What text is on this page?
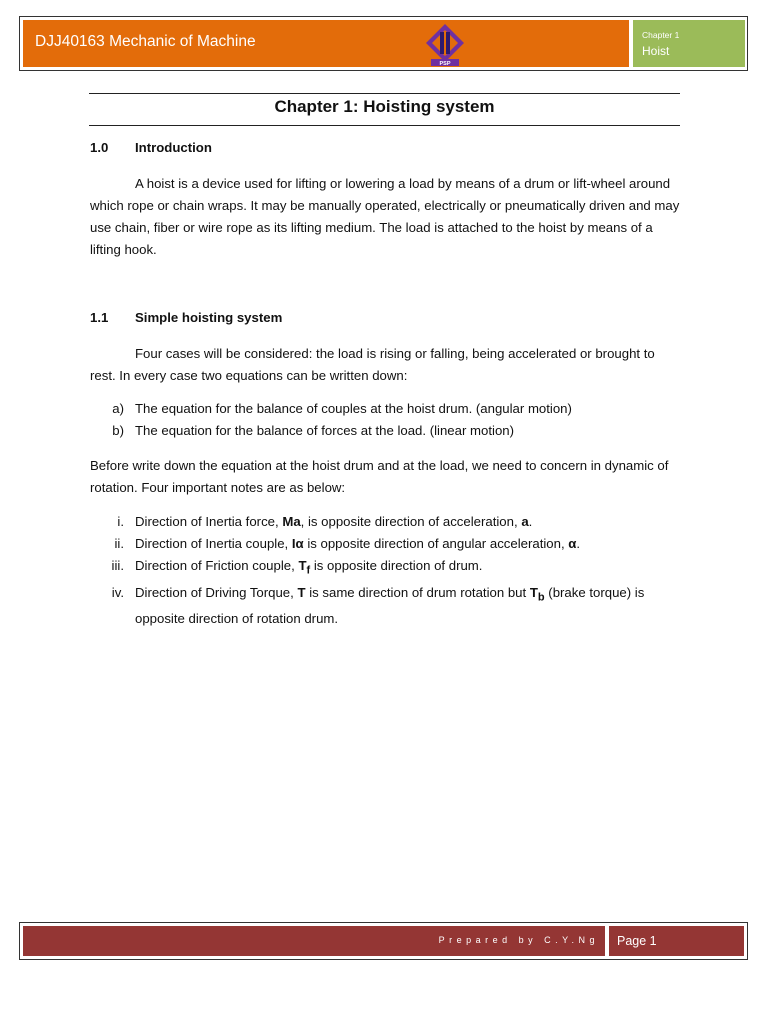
DJJ40163 Mechanic of Machine
PSP
Chapter 1
Hoist
Chapter 1: Hoisting system
1.0 Introduction
A hoist is a device used for lifting or lowering a load by means of a drum or lift-wheel around which rope or chain wraps. It may be manually operated, electrically or pneumatically driven and may use chain, fiber or wire rope as its lifting medium. The load is attached to the hoist by means of a lifting hook.
1.1 Simple hoisting system
Four cases will be considered: the load is rising or falling, being accelerated or brought to rest. In every case two equations can be written down:
a) The equation for the balance of couples at the hoist drum. (angular motion)
b) The equation for the balance of forces at the load. (linear motion)
Before write down the equation at the hoist drum and at the load, we need to concern in dynamic of rotation. Four important notes are as below:
i. Direction of Inertia force, Ma, is opposite direction of acceleration, a.
ii. Direction of Inertia couple, Iα is opposite direction of angular acceleration, α.
iii. Direction of Friction couple, $T_f$ is opposite direction of drum.
iv. Direction of Driving Torque, T is same direction of drum rotation but $T_b$ (brake torque) is opposite direction of rotation drum.
Prepared by C.Y.Ng Page 1
